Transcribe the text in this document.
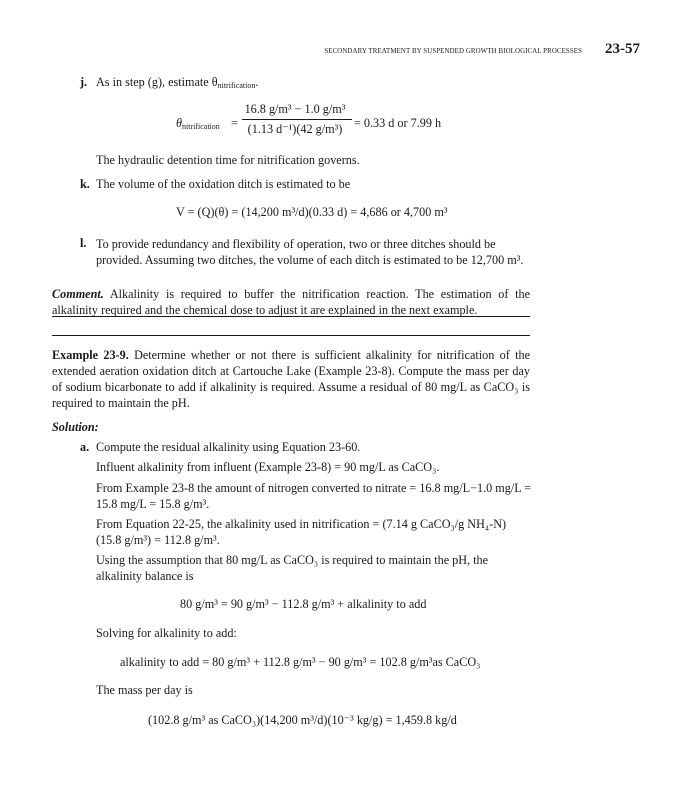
SECONDARY TREATMENT BY SUSPENDED GROWTH BIOLOGICAL PROCESSES 23-57
j. As in step (g), estimate $\theta_{nitrification}$.
$\theta_{nitrification}$ =
16.8 g/m³ − 1.0 g/m³
(1.13 d⁻¹)(42 g/m³) = 0.33 d or 7.99 h
The hydraulic detention time for nitrification governs.
k. The volume of the oxidation ditch is estimated to be
V = (Q)(θ) = (14,200 m³/d)(0.33 d) = 4,686 or 4,700 m³
l. To provide redundancy and flexibility of operation, two or three ditches should be provided. Assuming two ditches, the volume of each ditch is estimated to be 12,700 m³.
Comment. Alkalinity is required to buffer the nitrification reaction. The estimation of the alkalinity required and the chemical dose to adjust it are explained in the next example.
Example 23-9. Determine whether or not there is sufficient alkalinity for nitrification of the extended aeration oxidation ditch at Cartouche Lake (Example 23-8). Compute the mass per day of sodium bicarbonate to add if alkalinity is required. Assume a residual of 80 mg/L as CaCO₃ is required to maintain the pH.
Solution:
a. Compute the residual alkalinity using Equation 23-60.
Influent alkalinity from influent (Example 23-8) = 90 mg/L as CaCO₃.
From Example 23-8 the amount of nitrogen converted to nitrate = 16.8 mg/L−1.0 mg/L = 15.8 mg/L = 15.8 g/m³.
From Equation 22-25, the alkalinity used in nitrification = (7.14 g CaCO₃/g NH₄-N) (15.8 g/m³) = 112.8 g/m³.
Using the assumption that 80 mg/L as CaCO₃ is required to maintain the pH, the alkalinity balance is
80 g/m³ = 90 g/m³ − 112.8 g/m³ + alkalinity to add
Solving for alkalinity to add:
alkalinity to add = 80 g/m³ + 112.8 g/m³ − 90 g/m³ = 102.8 g/m³as CaCO₃
The mass per day is
(102.8 g/m³ as CaCO₃)(14,200 m³/d)(10⁻³ kg/g) = 1,459.8 kg/d
